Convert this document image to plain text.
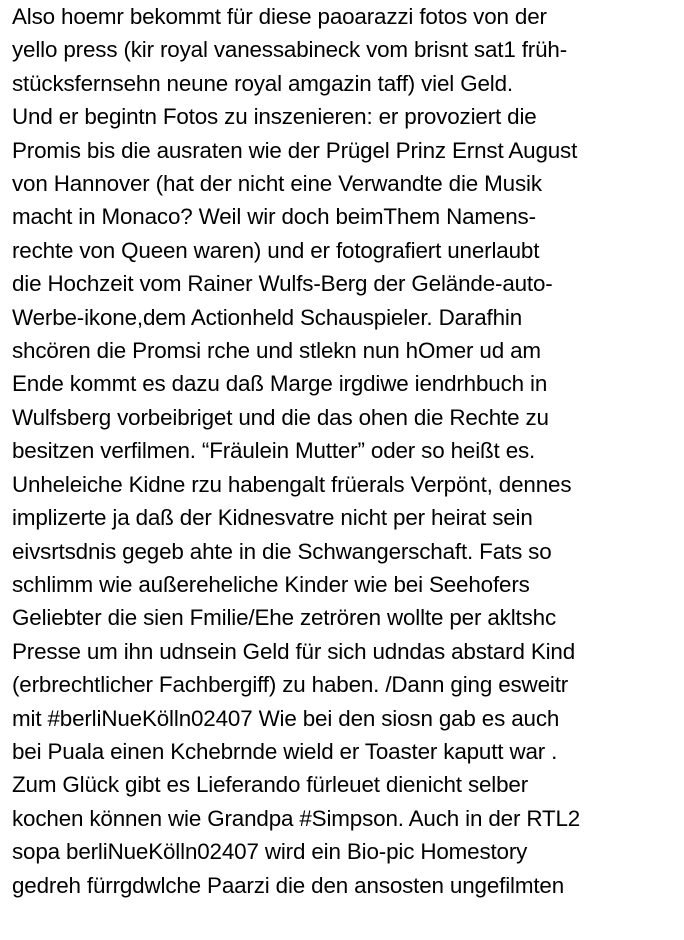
Also hoemr bekommt für diese paoarazzi fotos von der
yello press (kir royal vanessabineck vom brisnt sat1 früh-
stücksfernsehn neune royal amgazin taff) viel Geld.
Und er begintn Fotos zu inszenieren: er provoziert die
Promis bis die ausraten wie der Prügel Prinz Ernst August
von Hannover (hat der nicht eine Verwandte die Musik
macht in Monaco? Weil wir doch beimThem Namens-
rechte von Queen waren) und er fotografiert unerlaubt
die Hochzeit vom Rainer Wulfs-Berg der Gelände-auto-
Werbe-ikone,dem Actionheld Schauspieler. Darafhin
shcören die Promsi rche und stlekn nun hOmer ud am
Ende kommt es dazu daß Marge irgdiwe iendrhbuch in
Wulfsberg vorbeibriget und die das ohen die Rechte zu
besitzen verfilmen. “Fräulein Mutter” oder so heißt es.
Unheleiche Kidne rzu habengalt früerals Verpönt, dennes
implizerte ja daß der Kidnesvatre nicht per heirat sein
eivsrtsdnis gegeb ahte in die Schwangerschaft. Fats so
schlimm wie außereheliche Kinder wie bei Seehofers
Geliebter die sien Fmilie/Ehe zetrören wollte per akltshc
Presse um ihn udnsein Geld für sich udndas abstard Kind
(erbrechtlicher Fachbergiff) zu haben. /Dann ging esweitr
mit #berliNueKölln02407 Wie bei den siosn gab es auch
bei Puala einen Kchebrnde wield er Toaster kaputt war .
Zum Glück gibt es Lieferando fürleuet dienicht selber
kochen können wie Grandpa #Simpson. Auch in der RTL2
sopa berliNueKölln02407 wird ein Bio-pic Homestory
gedreh fürrgdwlche Paarzi die den ansosten ungefilmten
